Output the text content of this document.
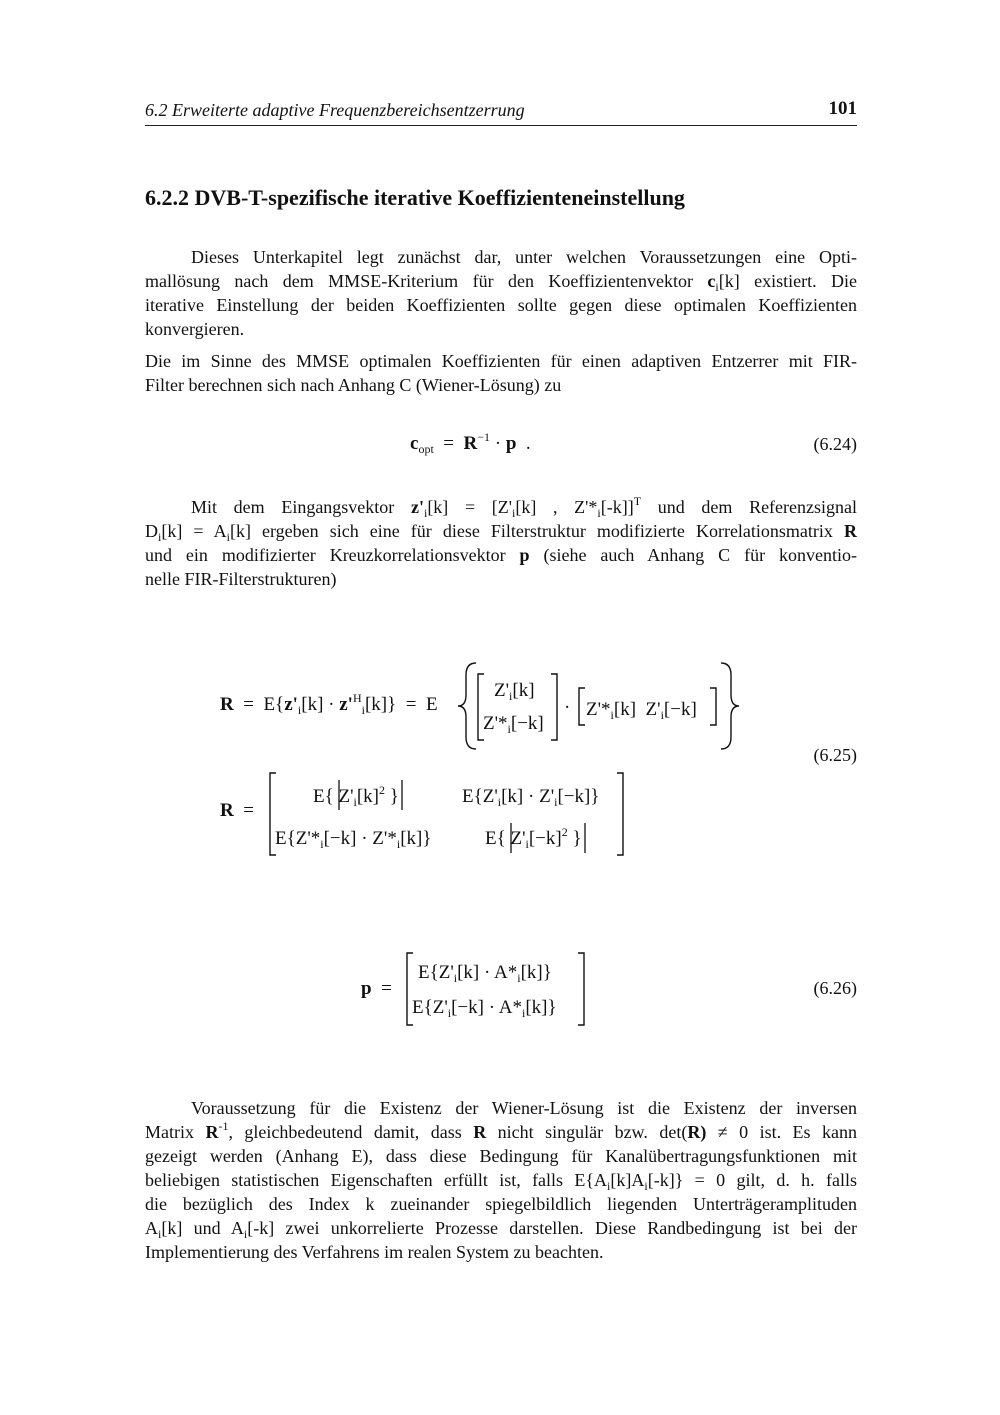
6.2 Erweiterte adaptive Frequenzbereichsentzerrung	101
6.2.2 DVB-T-spezifische iterative Koeffizienteneinstellung

Dieses Unterkapitel legt zunächst dar, unter welchen Voraussetzungen eine Opti-
mallösung nach dem MMSE-Kriterium für den Koeffizientenvektor $c_i[k]$ existiert. Die
iterative Einstellung der beiden Koeffizienten sollte gegen diese optimalen Koeffizienten
konvergieren.

Die im Sinne des MMSE optimalen Koeffizienten für einen adaptiven Entzerrer mit FIR-
Filter berechnen sich nach Anhang C (Wiener-Lösung) zu

$c_{opt} = R^{-1} \cdot p$ .	(6.24)

Mit dem Eingangsvektor $z'_i[k] = [Z'_i[k]$ , $Z'*_i[-k]]^T$ und dem Referenzsignal
$D_i[k] = A_i[k]$ ergeben sich eine für diese Filterstruktur modifizierte Korrelationsmatrix R
und ein modifizierter Kreuzkorrelationsvektor p (siehe auch Anhang C für konventio-
nelle FIR-Filterstrukturen)

$R = E\{z'_i[k] \cdot z'^H_i[k]\} = E$
$Z'_i[k]$
$Z'*_i[-k]$
· $Z'*_i[k]$ $Z'_i[-k]$
R =
E{ $Z'_i[k]^2$ }	$E\{Z'_i[k] \cdot Z'_i[-k]\}$
$E\{Z'*_i[-k] \cdot Z'*_i[k]\}$	E{ $Z'_i[-k]^2$ }
(6.25)
p =
$E\{Z'_i[k] \cdot A*_i[k]\}$
$E\{Z'_i[-k] \cdot A*_i[k]\}$
(6.26)

Voraussetzung für die Existenz der Wiener-Lösung ist die Existenz der inversen
Matrix $R^{-1}$, gleichbedeutend damit, dass R nicht singulär bzw. det(R) ≠ 0 ist. Es kann
gezeigt werden (Anhang E), dass diese Bedingung für Kanalübertragungsfunktionen mit
beliebigen statistischen Eigenschaften erfüllt ist, falls $E\{A_i[k]A_i[-k]\} = 0$ gilt, d. h. falls
die bezüglich des Index k zueinander spiegelbildlich liegenden Unterträgeramplituden
$A_i[k]$ und $A_i[-k]$ zwei unkorrelierte Prozesse darstellen. Diese Randbedingung ist bei der
Implementierung des Verfahrens im realen System zu beachten.
